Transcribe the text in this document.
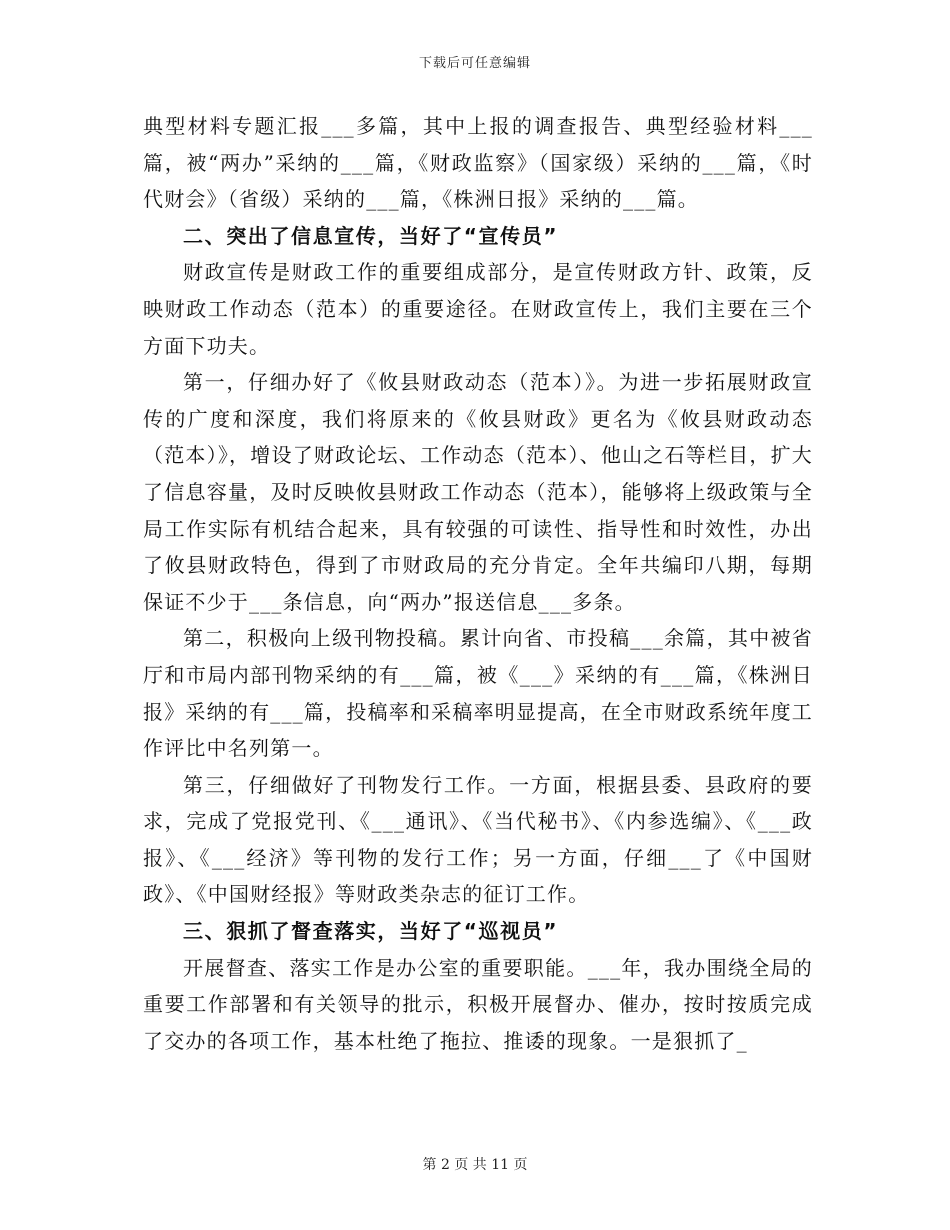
下载后可任意编辑

典型材料专题汇报___多篇，其中上报的调查报告、典型经验材料___篇，被“两办”采纳的___篇，《财政监察》（国家级）采纳的___篇，《时代财会》（省级）采纳的___篇，《株洲日报》采纳的___篇。

二、突出了信息宣传，当好了“宣传员”

财政宣传是财政工作的重要组成部分，是宣传财政方针、政策，反映财政工作动态（范本）的重要途径。在财政宣传上，我们主要在三个方面下功夫。

第一，仔细办好了《攸县财政动态（范本）》。为进一步拓展财政宣传的广度和深度，我们将原来的《攸县财政》更名为《攸县财政动态（范本）》，增设了财政论坛、工作动态（范本）、他山之石等栏目，扩大了信息容量，及时反映攸县财政工作动态（范本），能够将上级政策与全局工作实际有机结合起来，具有较强的可读性、指导性和时效性，办出了攸县财政特色，得到了市财政局的充分肯定。全年共编印八期，每期保证不少于___条信息，向“两办”报送信息___多条。

第二，积极向上级刊物投稿。累计向省、市投稿___余篇，其中被省厅和市局内部刊物采纳的有___篇，被《___》采纳的有___篇，《株洲日报》采纳的有___篇，投稿率和采稿率明显提高，在全市财政系统年度工作评比中名列第一。

第三，仔细做好了刊物发行工作。一方面，根据县委、县政府的要求，完成了党报党刊、《___通讯》、《当代秘书》、《内参选编》、《___政报》、《___经济》等刊物的发行工作；另一方面，仔细___了《中国财政》、《中国财经报》等财政类杂志的征订工作。

三、狠抓了督查落实，当好了“巡视员”

开展督查、落实工作是办公室的重要职能。___年，我办围绕全局的重要工作部署和有关领导的批示，积极开展督办、催办，按时按质完成了交办的各项工作，基本杜绝了拖拉、推诿的现象。一是狠抓了_

第 2 页 共 11 页
